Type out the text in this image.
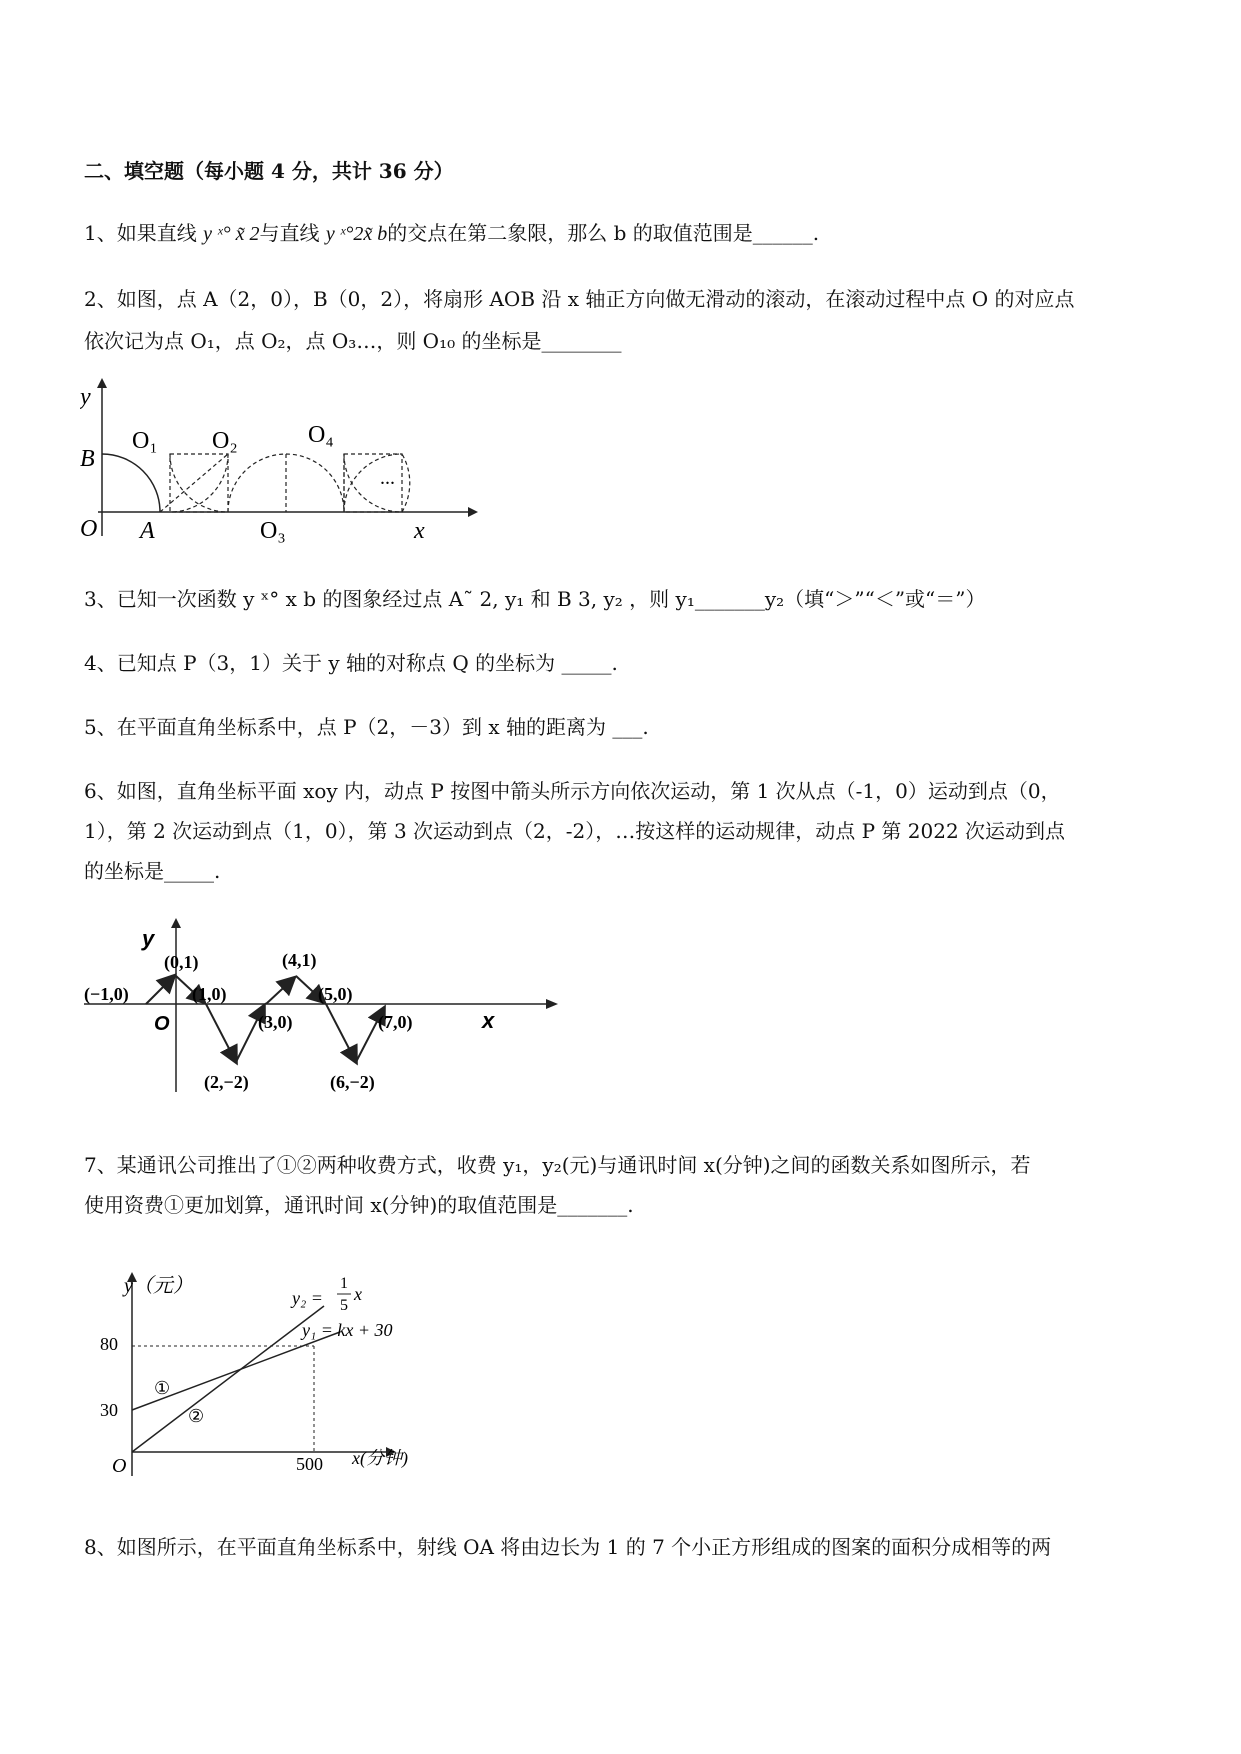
二、填空题（每小题 4 分，共计 36 分）
1、如果直线 y ˣ° x̃ 2与直线 y ˣ°2x̃ b的交点在第二象限，那么 b 的取值范围是______.
2、如图，点 A（2，0），B（0，2），将扇形 AOB 沿 x 轴正方向做无滑动的滚动，在滚动过程中点 O 的对应点
依次记为点 O₁，点 O₂，点 O₃…，则 O₁₀ 的坐标是________
y
B
O A
O₁ O₂
O₃
O₄
...
x
3、已知一次函数 y ˣ° x b 的图象经过点 A˜ 2, y₁ 和 B 3, y₂ ，则 y₁_______y₂（填“＞”“＜”或“＝”）
4、已知点 P（3，1）关于 y 轴的对称点 Q 的坐标为 _____.
5、在平面直角坐标系中，点 P（2，－3）到 x 轴的距离为 ___.
6、如图，直角坐标平面 xoy 内，动点 P 按图中箭头所示方向依次运动，第 1 次从点（-1，0）运动到点（0，
1），第 2 次运动到点（1，0），第 3 次运动到点（2，-2），…按这样的运动规律，动点 P 第 2022 次运动到点
的坐标是_____.
y
x
O
(−1,0)
(0,1)
(1,0)
(2,−2)
(3,0)
(4,1)
(5,0)
(6,−2)
(7,0)
7、某通讯公司推出了①②两种收费方式，收费 y₁，y₂(元)与通讯时间 x(分钟)之间的函数关系如图所示，若
使用资费①更加划算，通讯时间 x(分钟)的取值范围是_______.
y（元）
x(分钟)
80
30
500
O
y₂ =
1
5
x
y₁ = kx + 30
①
②
8、如图所示，在平面直角坐标系中，射线 OA 将由边长为 1 的 7 个小正方形组成的图案的面积分成相等的两
